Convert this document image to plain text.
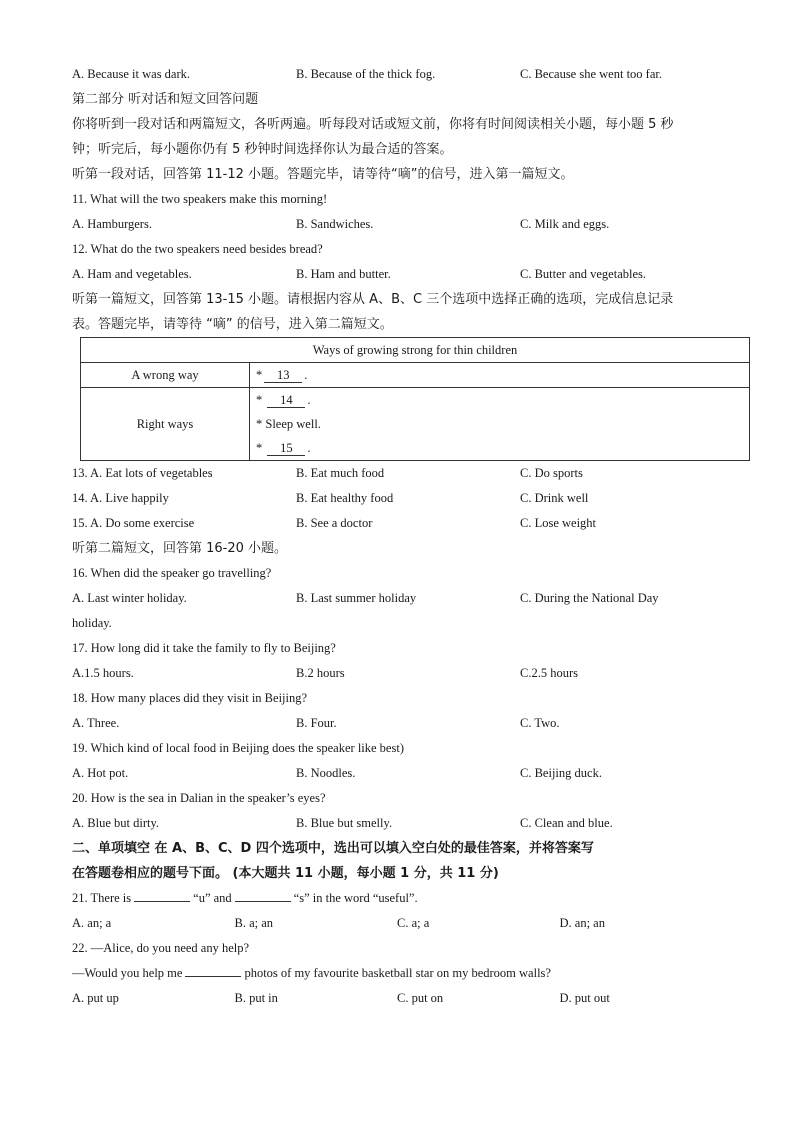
A. Because it was dark.	B. Because of the thick fog.	C. Because she went too far.
第二部分 听对话和短文回答问题
你将听到一段对话和两篇短文，各听两遍。听每段对话或短文前，你将有时间阅读相关小题，每小题 5 秒
钟；听完后，每小题你仍有 5 秒钟时间选择你认为最合适的答案。
听第一段对话，回答第 11-12 小题。答题完毕，请等待“嘀”的信号，进入第一篇短文。
11. What will the two speakers make this morning!
A. Hamburgers.	B. Sandwiches.	C. Milk and eggs.
12. What do the two speakers need besides bread?
A. Ham and vegetables.	B. Ham and butter.	C. Butter and vegetables.
听第一篇短文，回答第 13-15 小题。请根据内容从 A、B、C 三个选项中选择正确的选项，完成信息记录
表。答题完毕，请等待 “嘀” 的信号，进入第二篇短文。
Ways of growing strong for thin children	
A wrong way	* 13 .
Right ways	* 14 .
* Sleep well.
* 15 .
13. A. Eat lots of vegetables	B. Eat much food	C. Do sports
14. A. Live happily	B. Eat healthy food	C. Drink well
15. A. Do some exercise	B. See a doctor	C. Lose weight
听第二篇短文，回答第 16-20 小题。
16. When did the speaker go travelling?
A. Last winter holiday.	B. Last summer holiday	C. During the National Day
holiday.
17. How long did it take the family to fly to Beijing?
A.1.5 hours.	B.2 hours	C.2.5 hours
18. How many places did they visit in Beijing?
A. Three.	B. Four.	C. Two.
19. Which kind of local food in Beijing does the speaker like best)
A. Hot pot.	B. Noodles.	C. Beijing duck.
20. How is the sea in Dalian in the speaker’s eyes?
A. Blue but dirty.	B. Blue but smelly.	C. Clean and blue.
二、单项填空 在 A、B、C、D 四个选项中，选出可以填入空白处的最佳答案，并将答案写
在答题卷相应的题号下面。 (本大题共 11 小题，每小题 1 分，共 11 分)
21. There is	“u” and	“s” in the word “useful”.
A. an; a	B. a; an	C. a; a	D. an; an
22. —Alice, do you need any help?
—Would you help me	photos of my favourite basketball star on my bedroom walls?
A. put up	B. put in	C. put on	D. put out
